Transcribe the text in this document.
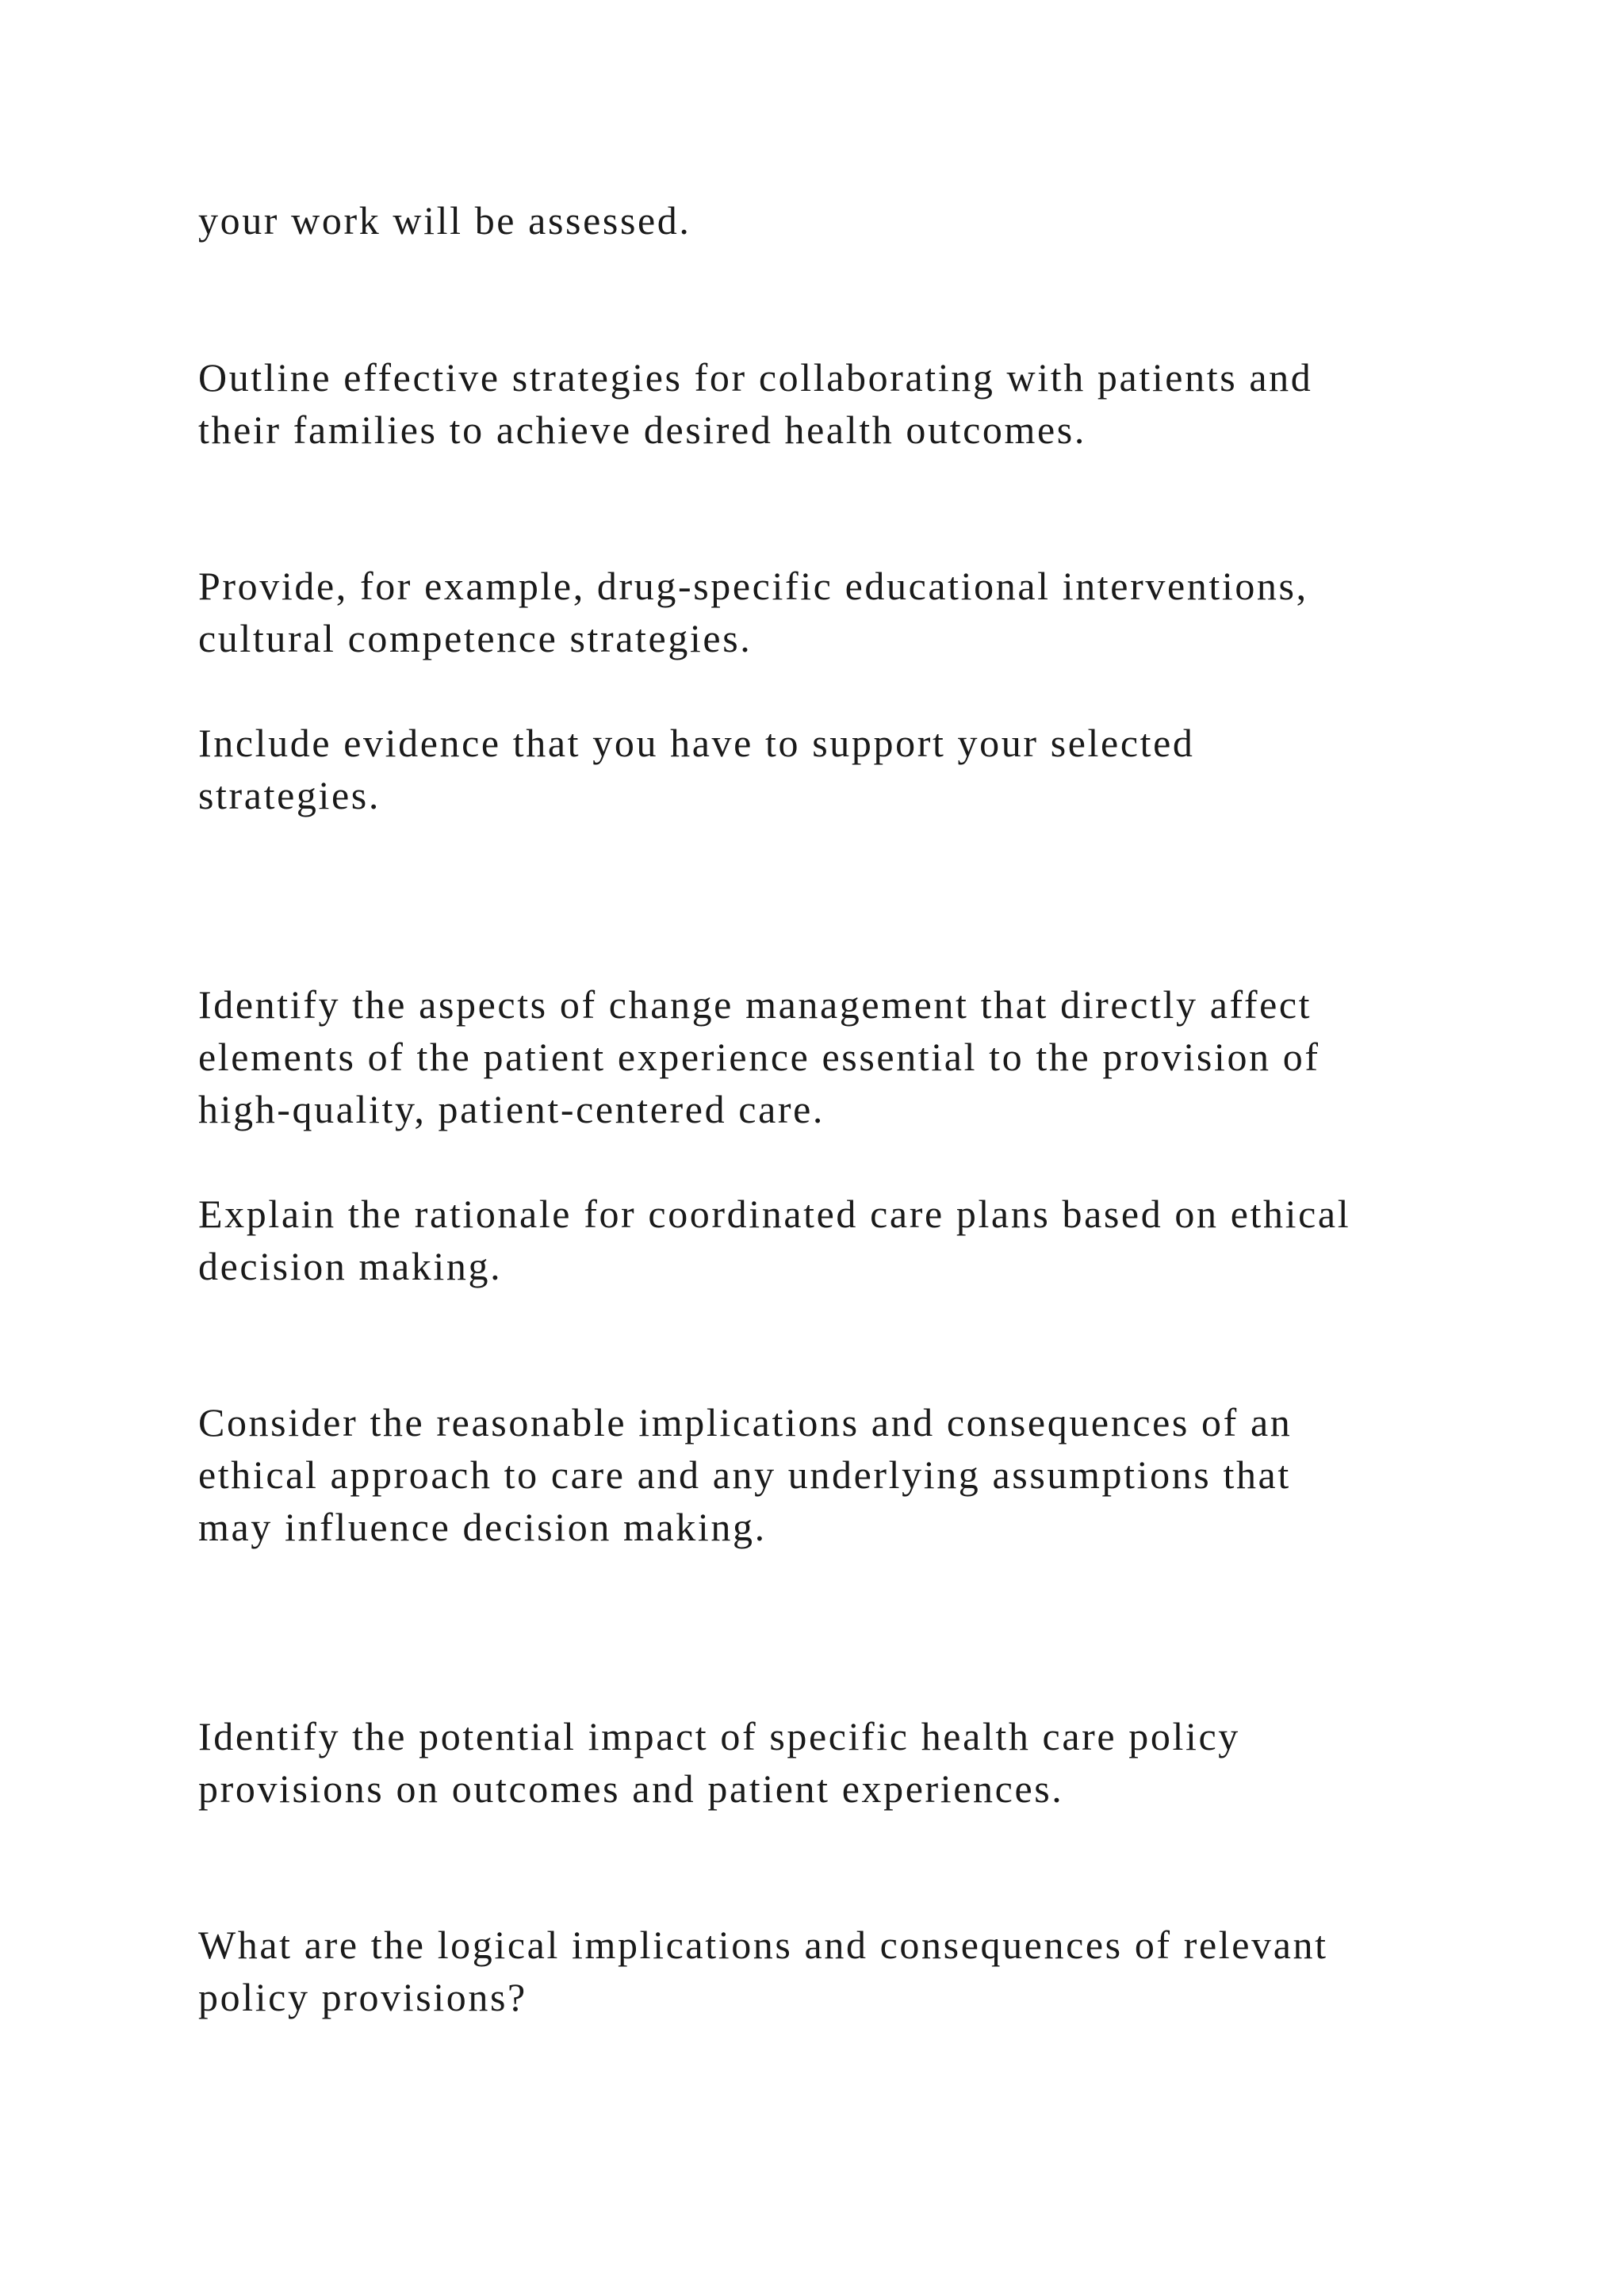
your work will be assessed.

Outline effective strategies for collaborating with patients and
their families to achieve desired health outcomes.

Provide, for example, drug-specific educational interventions,
cultural competence strategies.

Include evidence that you have to support your selected
strategies.

Identify the aspects of change management that directly affect
elements of the patient experience essential to the provision of
high-quality, patient-centered care.

Explain the rationale for coordinated care plans based on ethical
decision making.

Consider the reasonable implications and consequences of an
ethical approach to care and any underlying assumptions that
may influence decision making.

Identify the potential impact of specific health care policy
provisions on outcomes and patient experiences.

What are the logical implications and consequences of relevant
policy provisions?
